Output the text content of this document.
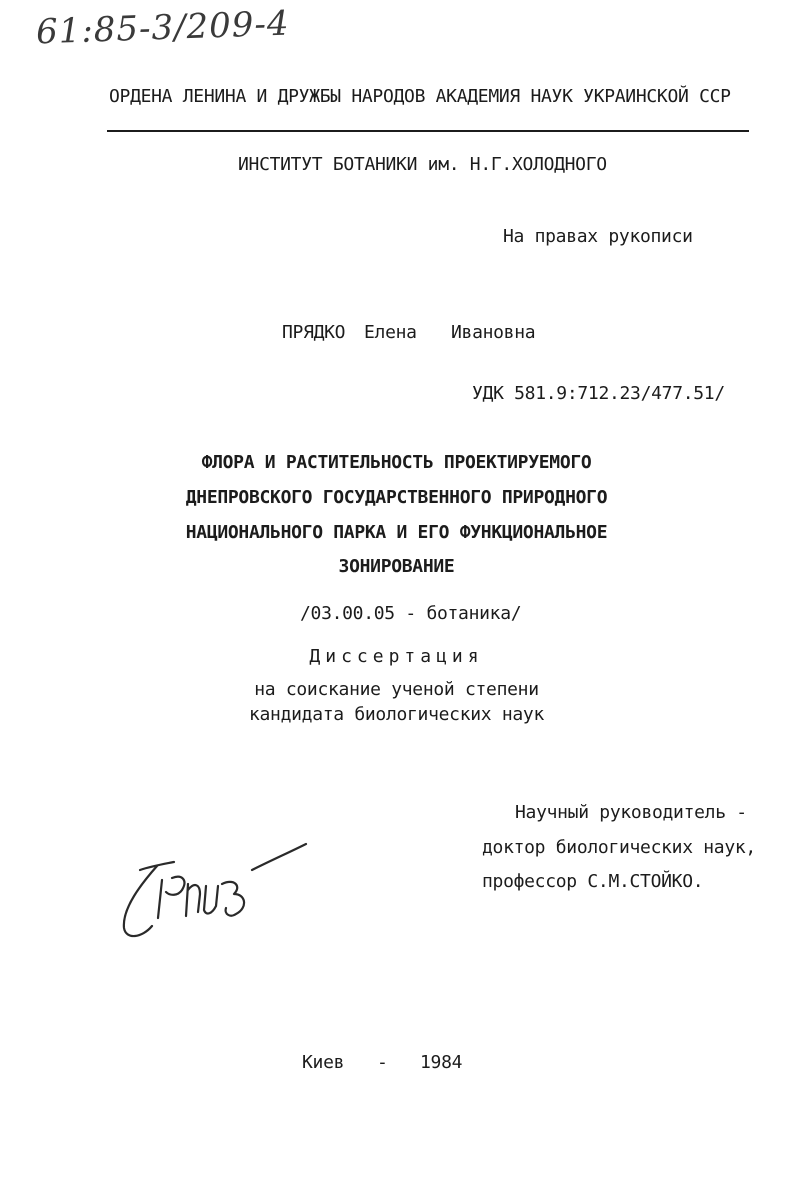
61:85-3/209-4
ОРДЕНА ЛЕНИНА И ДРУЖБЫ НАРОДОВ АКАДЕМИЯ НАУК УКРАИНСКОЙ ССР
ИНСТИТУТ БОТАНИКИ им. Н.Г.ХОЛОДНОГО
На правах рукописи
ПРЯДКО Елена Ивановна
УДК 581.9:712.23/477.51/
ФЛОРА И РАСТИТЕЛЬНОСТЬ ПРОЕКТИРУЕМОГО
ДНЕПРОВСКОГО ГОСУДАРСТВЕННОГО ПРИРОДНОГО
НАЦИОНАЛЬНОГО ПАРКА И ЕГО ФУНКЦИОНАЛЬНОЕ
ЗОНИРОВАНИЕ
/03.00.05 - ботаника/
Диссертация
на соискание ученой степени
кандидата биологических наук
Научный руководитель -
доктор биологических наук,
профессор С.М.СТОЙКО.
Киев - 1984
